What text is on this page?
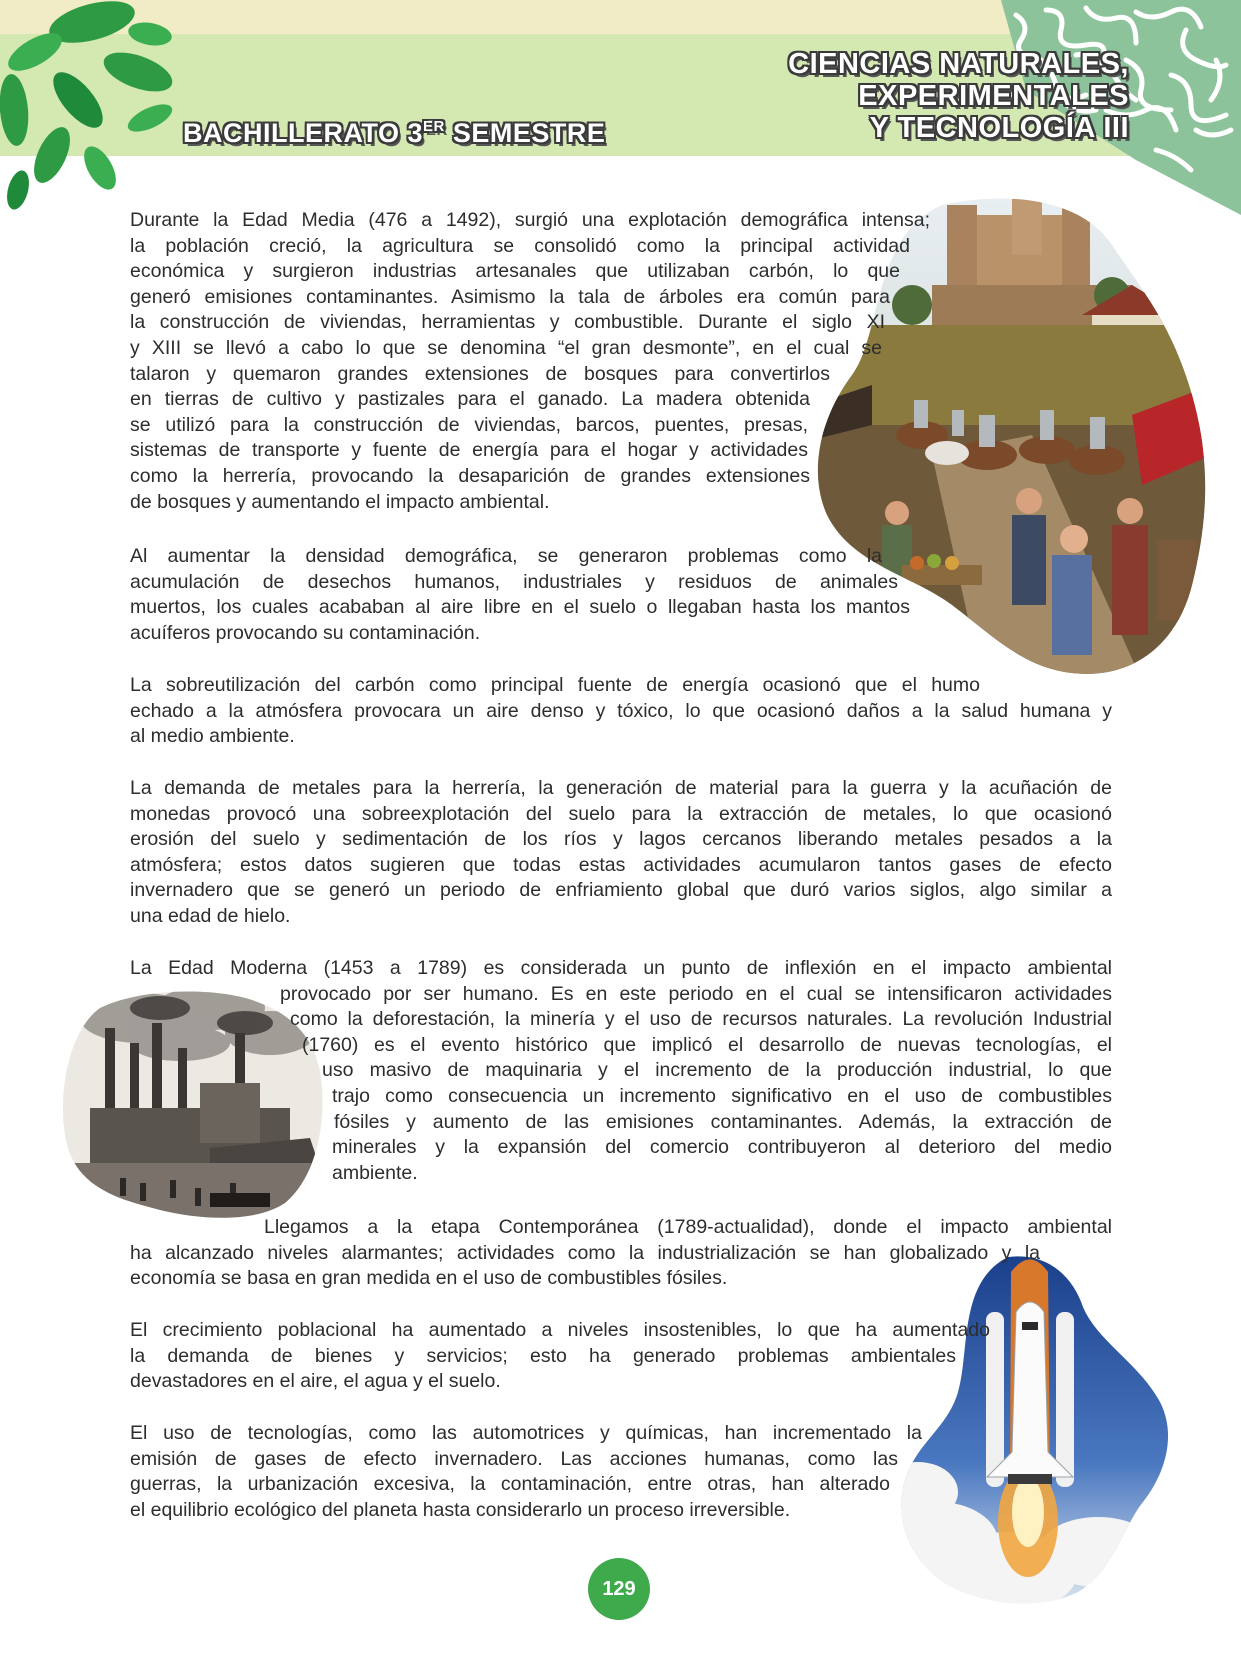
BACHILLERATO 3ER SEMESTRE
CIENCIAS NATURALES,
EXPERIMENTALES
Y TECNOLOGÍA III

Durante la Edad Media (476 a 1492), surgió una explotación demográfica intensa;
la población creció, la agricultura se consolidó como la principal actividad
económica y surgieron industrias artesanales que utilizaban carbón, lo que
generó emisiones contaminantes. Asimismo la tala de árboles era común para
la construcción de viviendas, herramientas y combustible. Durante el siglo XI
y XIII se llevó a cabo lo que se denomina “el gran desmonte”, en el cual se
talaron y quemaron grandes extensiones de bosques para convertirlos
en tierras de cultivo y pastizales para el ganado. La madera obtenida
se utilizó para la construcción de viviendas, barcos, puentes, presas,
sistemas de transporte y fuente de energía para el hogar y actividades
como la herrería, provocando la desaparición de grandes extensiones
de bosques y aumentando el impacto ambiental.

Al aumentar la densidad demográfica, se generaron problemas como la
acumulación de desechos humanos, industriales y residuos de animales
muertos, los cuales acababan al aire libre en el suelo o llegaban hasta los mantos
acuíferos provocando su contaminación.

La sobreutilización del carbón como principal fuente de energía ocasionó que el humo
echado a la atmósfera provocara un aire denso y tóxico, lo que ocasionó daños a la salud humana y
al medio ambiente.

La demanda de metales para la herrería, la generación de material para la guerra y la acuñación de
monedas provocó una sobreexplotación del suelo para la extracción de metales, lo que ocasionó
erosión del suelo y sedimentación de los ríos y lagos cercanos liberando metales pesados a la
atmósfera; estos datos sugieren que todas estas actividades acumularon tantos gases de efecto
invernadero que se generó un periodo de enfriamiento global que duró varios siglos, algo similar a
una edad de hielo.

La Edad Moderna (1453 a 1789) es considerada un punto de inflexión en el impacto ambiental
provocado por ser humano. Es en este periodo en el cual se intensificaron actividades
como la deforestación, la minería y el uso de recursos naturales. La revolución Industrial
(1760) es el evento histórico que implicó el desarrollo de nuevas tecnologías, el
uso masivo de maquinaria y el incremento de la producción industrial, lo que
trajo como consecuencia un incremento significativo en el uso de combustibles
fósiles y aumento de las emisiones contaminantes. Además, la extracción de
minerales y la expansión del comercio contribuyeron al deterioro del medio
ambiente.

Llegamos a la etapa Contemporánea (1789-actualidad), donde el impacto ambiental
ha alcanzado niveles alarmantes; actividades como la industrialización se han globalizado y la
economía se basa en gran medida en el uso de combustibles fósiles.

El crecimiento poblacional ha aumentado a niveles insostenibles, lo que ha aumentado
la demanda de bienes y servicios; esto ha generado problemas ambientales
devastadores en el aire, el agua y el suelo.

El uso de tecnologías, como las automotrices y químicas, han incrementado la
emisión de gases de efecto invernadero. Las acciones humanas, como las
guerras, la urbanización excesiva, la contaminación, entre otras, han alterado
el equilibrio ecológico del planeta hasta considerarlo un proceso irreversible.

129
